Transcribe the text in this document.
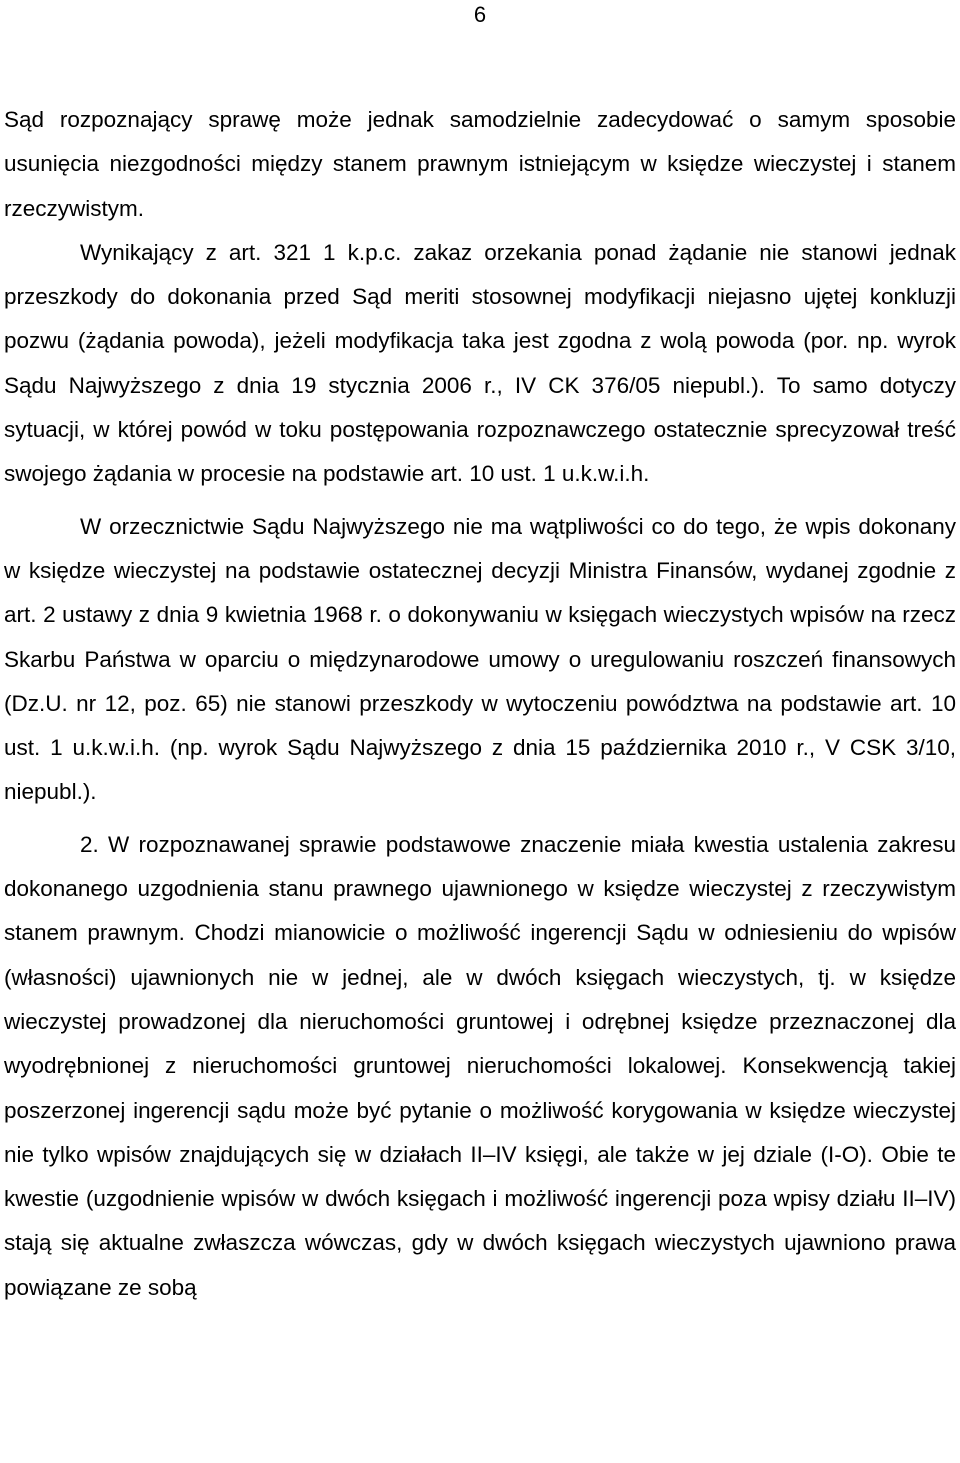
6

Sąd rozpoznający sprawę może jednak samodzielnie zadecydować o samym sposobie usunięcia niezgodności między stanem prawnym istniejącym w księdze wieczystej i stanem rzeczywistym.

Wynikający z art. 321 1 k.p.c. zakaz orzekania ponad żądanie nie stanowi jednak przeszkody do dokonania przed Sąd meriti stosownej modyfikacji niejasno ujętej konkluzji pozwu (żądania powoda), jeżeli modyfikacja taka jest zgodna z wolą powoda (por. np. wyrok Sądu Najwyższego z dnia 19 stycznia 2006 r., IV CK 376/05 niepubl.). To samo dotyczy sytuacji, w której powód w toku postępowania rozpoznawczego ostatecznie sprecyzował treść swojego żądania w procesie na podstawie art. 10 ust. 1 u.k.w.i.h.

W orzecznictwie Sądu Najwyższego nie ma wątpliwości co do tego, że wpis dokonany w księdze wieczystej na podstawie ostatecznej decyzji Ministra Finansów, wydanej zgodnie z art. 2 ustawy z dnia 9 kwietnia 1968 r. o dokonywaniu w księgach wieczystych wpisów na rzecz Skarbu Państwa w oparciu o międzynarodowe umowy o uregulowaniu roszczeń finansowych (Dz.U. nr 12, poz. 65) nie stanowi przeszkody w wytoczeniu powództwa na podstawie art. 10 ust. 1 u.k.w.i.h. (np. wyrok Sądu Najwyższego z dnia 15 października 2010 r., V CSK 3/10, niepubl.).

2. W rozpoznawanej sprawie podstawowe znaczenie miała kwestia ustalenia zakresu dokonanego uzgodnienia stanu prawnego ujawnionego w księdze wieczystej z rzeczywistym stanem prawnym. Chodzi mianowicie o możliwość ingerencji Sądu w odniesieniu do wpisów (własności) ujawnionych nie w jednej, ale w dwóch księgach wieczystych, tj. w księdze wieczystej prowadzonej dla nieruchomości gruntowej i odrębnej księdze przeznaczonej dla wyodrębnionej z nieruchomości gruntowej nieruchomości lokalowej. Konsekwencją takiej poszerzonej ingerencji sądu może być pytanie o możliwość korygowania w księdze wieczystej nie tylko wpisów znajdujących się w działach II–IV księgi, ale także w jej dziale (I-O). Obie te kwestie (uzgodnienie wpisów w dwóch księgach i możliwość ingerencji poza wpisy działu II–IV) stają się aktualne zwłaszcza wówczas, gdy w dwóch księgach wieczystych ujawniono prawa powiązane ze sobą
